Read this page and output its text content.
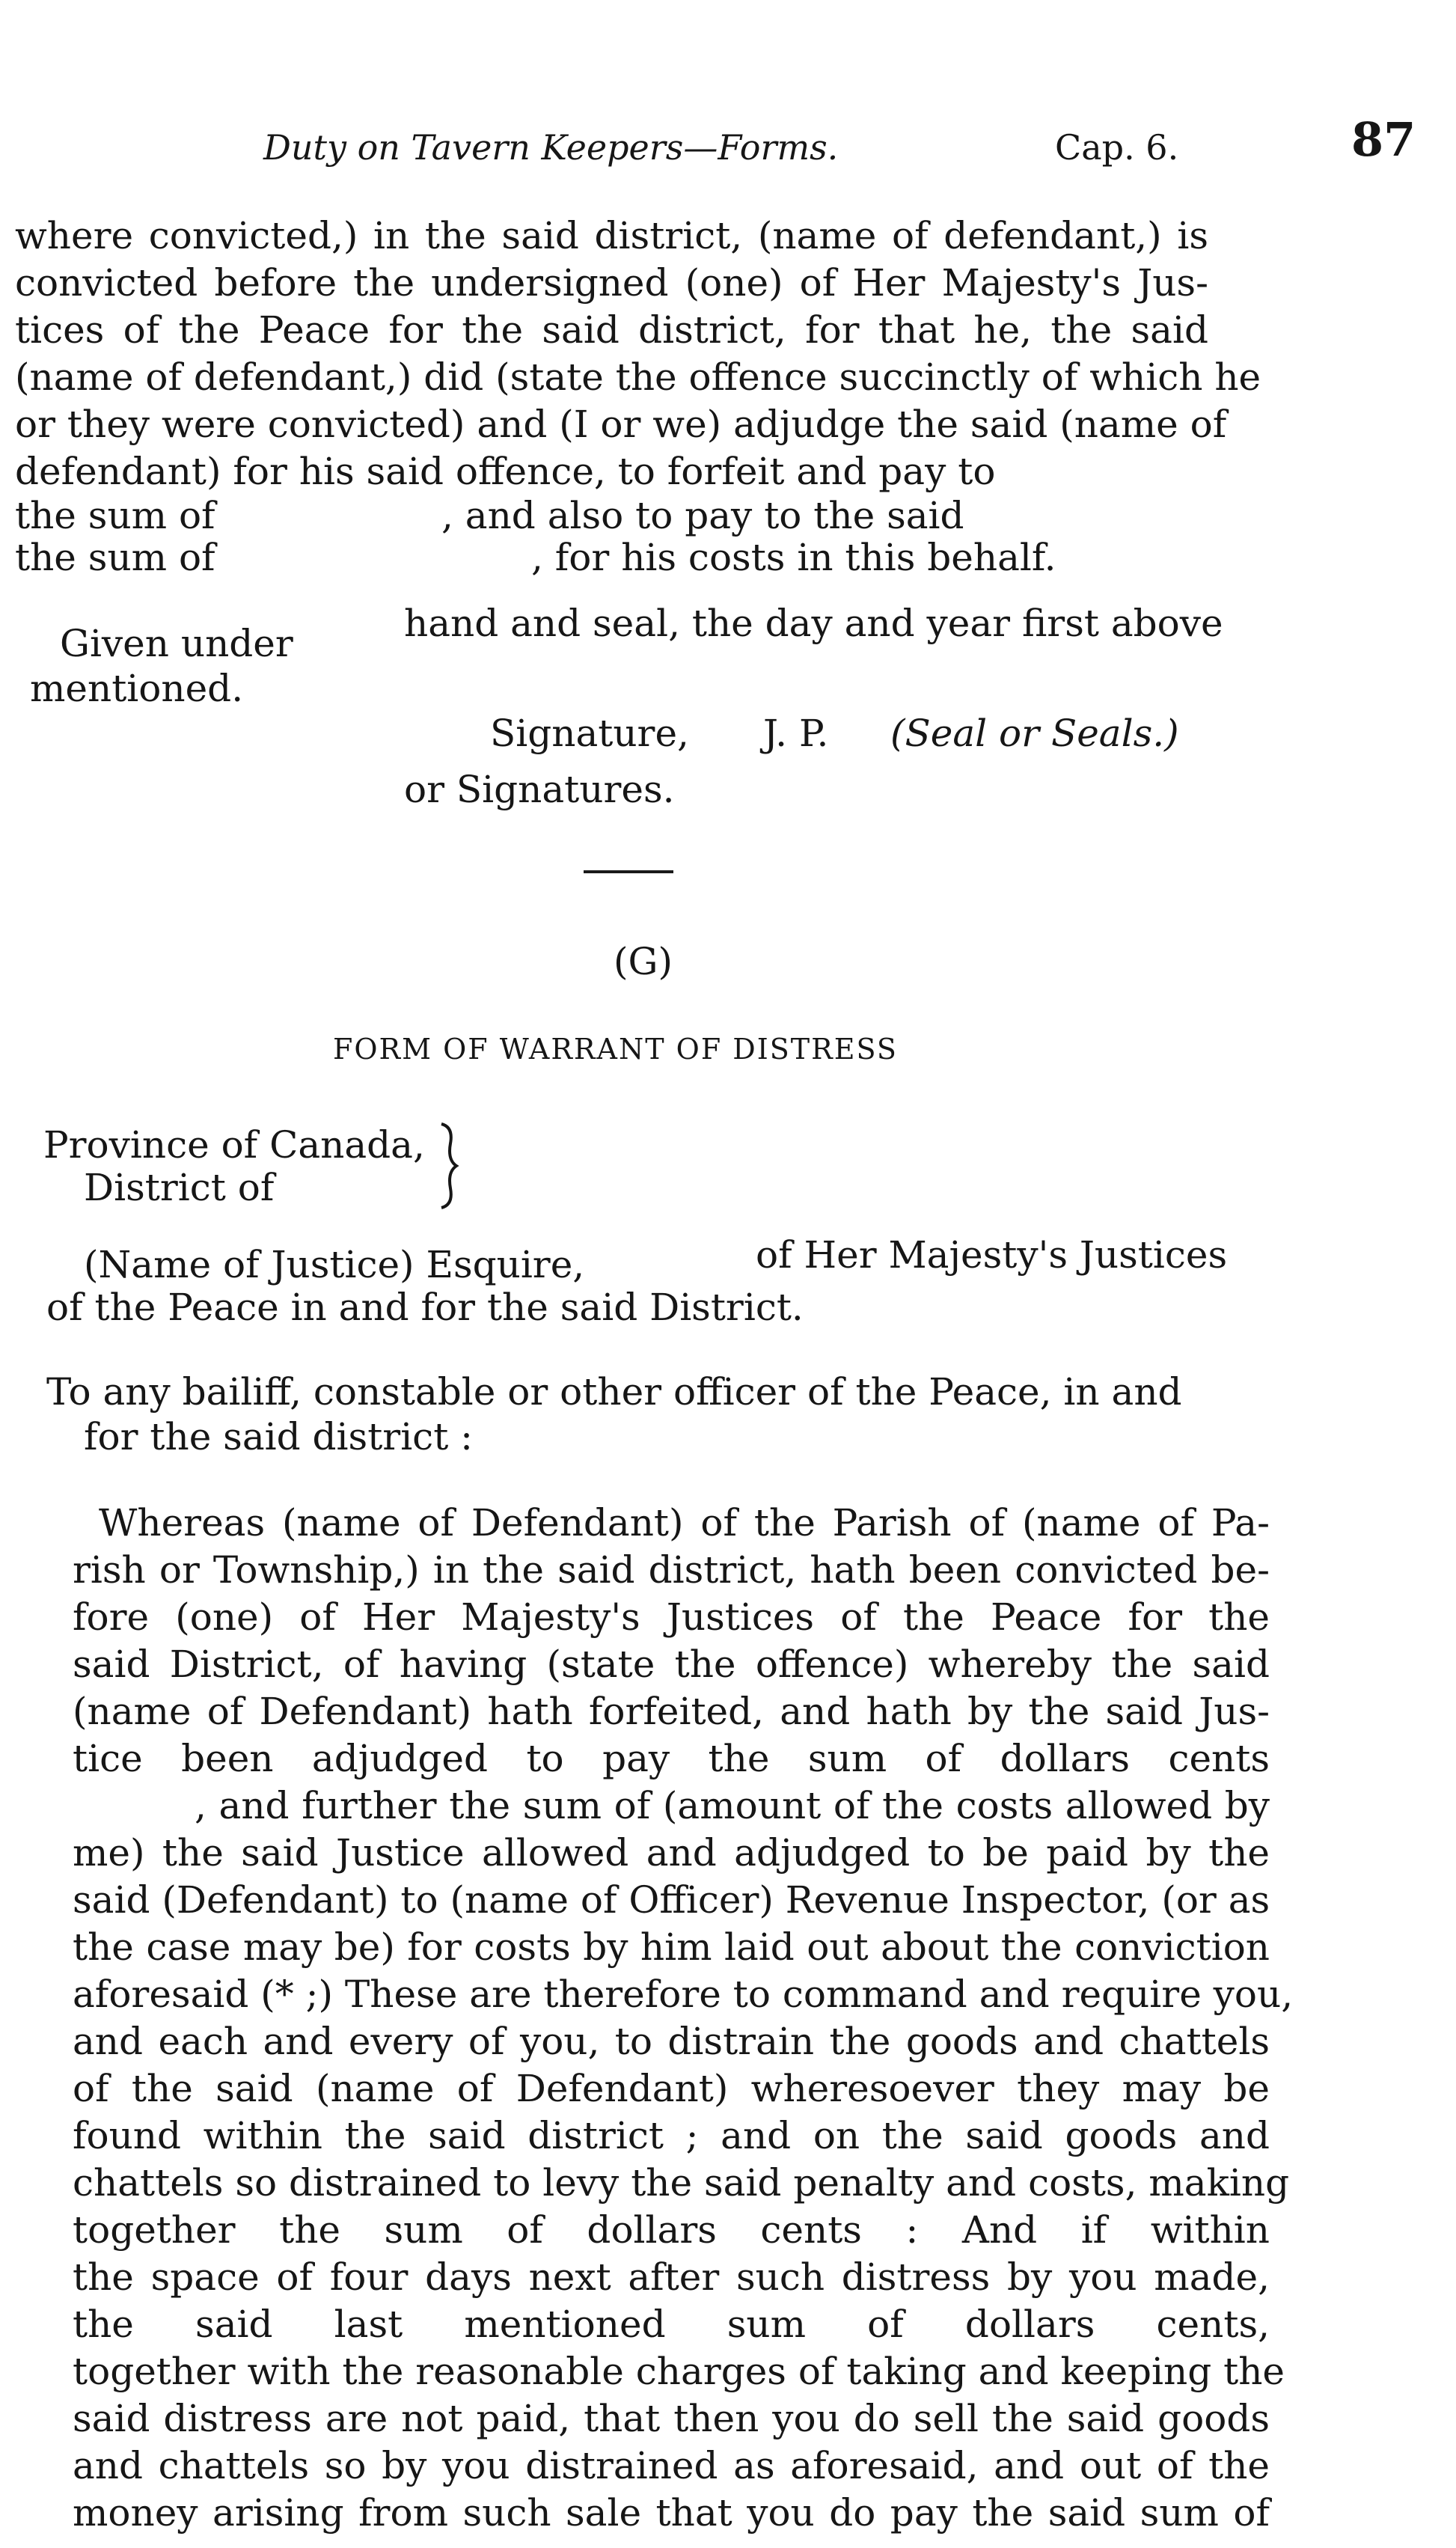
Duty on Tavern Keepers—Forms.	Cap. 6.	87
where convicted,) in the said district, (name of defendant,) is
convicted before the undersigned (one) of Her Majesty's Jus-
tices of the Peace for the said district, for that he, the said
(name of defendant,) did (state the offence succinctly of which he
or they were convicted) and (I or we) adjudge the said (name of
defendant) for his said offence, to forfeit and pay to
the sum of	, and also to pay to the said
the sum of	, for his costs in this behalf.
Given under	hand and seal, the day and year first above
mentioned.
Signature, J. P. (Seal or Seals.)
or Signatures.
(G)
FORM OF WARRANT OF DISTRESS
Province of Canada,
District of
(Name of Justice) Esquire,	of Her Majesty's Justices
of the Peace in and for the said District.
To any bailiff, constable or other officer of the Peace, in and
for the said district :
Whereas (name of Defendant) of the Parish of (name of Pa-
rish or Township,) in the said district, hath been convicted be-
fore (one) of Her Majesty's Justices of the Peace for the
said District, of having (state the offence) whereby the said
(name of Defendant) hath forfeited, and hath by the said Jus-
tice been adjudged to pay the sum of dollars cents
, and further the sum of (amount of the costs allowed by
me) the said Justice allowed and adjudged to be paid by the
said (Defendant) to (name of Officer) Revenue Inspector, (or as
the case may be) for costs by him laid out about the conviction
aforesaid (* ;) These are therefore to command and require you,
and each and every of you, to distrain the goods and chattels
of the said (name of Defendant) wheresoever they may be
found within the said district ; and on the said goods and
chattels so distrained to levy the said penalty and costs, making
together the sum of dollars cents : And if within
the space of four days next after such distress by you made,
the said last mentioned sum of dollars cents,
together with the reasonable charges of taking and keeping the
said distress are not paid, that then you do sell the said goods
and chattels so by you distrained as aforesaid, and out of the
money arising from such sale that you do pay the said sum of
